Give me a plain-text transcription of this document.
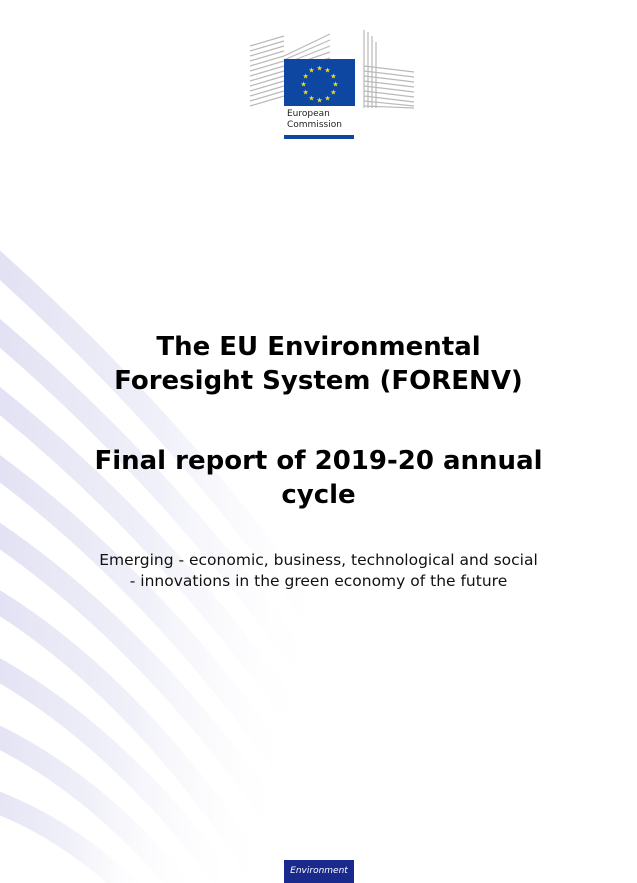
★ ★
★
★
★
★
★
★
★
★
★
★
European
Commission
The EU Environmental
Foresight System (FORENV)
Final report of 2019-20 annual
cycle

Emerging - economic, business, technological and social
- innovations in the green economy of the future

Environment
